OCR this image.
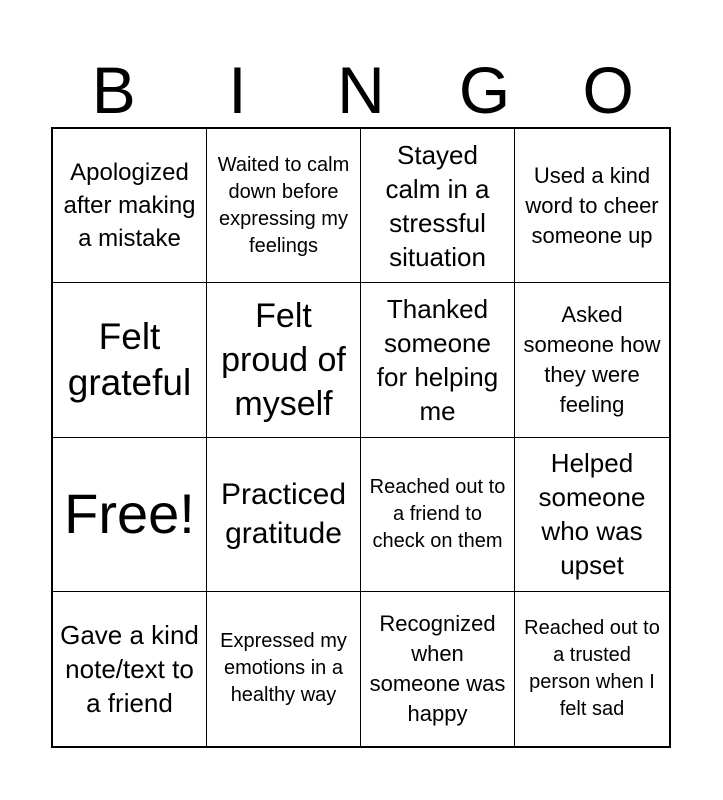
B	I	N	G	O
Apologized after making a mistake
Waited to calm down before expressing my feelings
Stayed calm in a stressful situation
Used a kind word to cheer someone up
Felt grateful
Felt proud of myself
Thanked someone for helping me
Asked someone how they were feeling
Free! Practiced gratitude
Reached out to a friend to check on them
Helped someone who was upset
Gave a kind note/text to a friend
Expressed my emotions in a healthy way
Recognized when someone was happy
Reached out to a trusted person when I felt sad
